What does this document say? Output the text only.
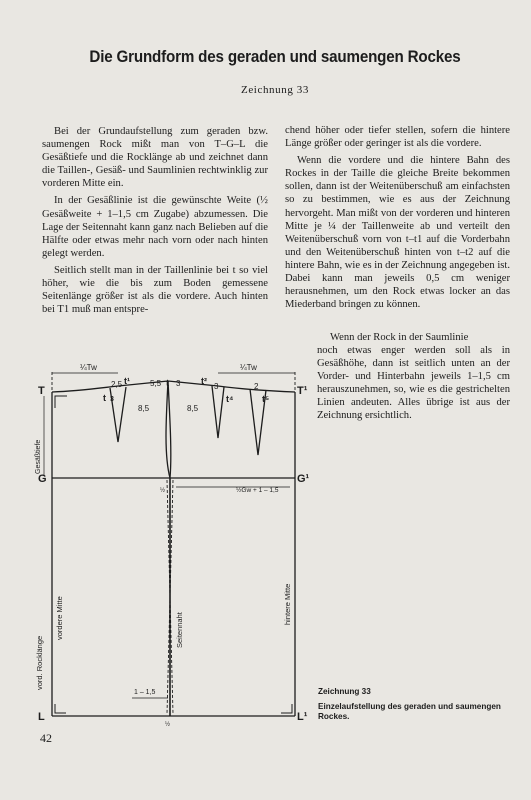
Die Grundform des geraden und saumengen Rockes
Zeichnung 33

Bei der Grundaufstellung zum geraden bzw. saumengen Rock mißt man von T–G–L die Gesäßtiefe und die Rocklänge ab und zeichnet dann die Taillen-, Gesäß- und Saumlinien rechtwinklig zur vorderen Mitte ein.

In der Gesäßlinie ist die gewünschte Weite (½ Gesäßweite + 1–1,5 cm Zugabe) abzumessen. Die Lage der Seitennaht kann ganz nach Belieben auf die Hälfte oder etwas mehr nach vorn oder nach hinten gelegt werden.

Seitlich stellt man in der Taillenlinie bei t so viel höher, wie die bis zum Boden gemessene Seitenlänge größer ist als die vordere. Auch hinten bei T1 muß man entspre-

chend höher oder tiefer stellen, sofern die hintere Länge größer oder geringer ist als die vordere.

Wenn die vordere und die hintere Bahn des Rockes in der Taille die gleiche Breite bekommen sollen, dann ist der Weitenüberschuß am einfachsten so zu bestimmen, wie es aus der Zeichnung hervorgeht. Man mißt von der vorderen und hinteren Mitte je ¼ der Taillenweite ab und verteilt den Weitenüberschuß vorn von t–t1 auf die Vorderbahn und den Weitenüberschuß hinten von t–t2 auf die hintere Bahn, wie es in der Zeichnung angegeben ist. Dabei kann man jeweils 0,5 cm weniger herausnehmen, um den Rock etwas locker an das Miederband bringen zu können.

Wenn der Rock in der Saumlinie

noch etwas enger werden soll als in Gesäßhöhe, dann ist seitlich unten an der Vorder- und Hinterbahn jeweils 1–1,5 cm herauszunehmen, so, wie es die gestrichelten Linien andeuten. Alles übrige ist aus der Zeichnung ersichtlich.

T	T¹
G	G¹
L	L¹
¼Tw	¼Tw
t 3
2,5 t¹	5,5 t 3 t²
3	2
t⁴	t⁵
8,5	8,5
½	½Gw + 1 – 1,5
1 – 1,5
½
Gesäßtiefe
vord. Rocklänge
vordere Mitte	Seitennaht
hintere Mitte
Zeichnung 33
Einzelaufstellung des geraden und saumengen Rockes.
42
